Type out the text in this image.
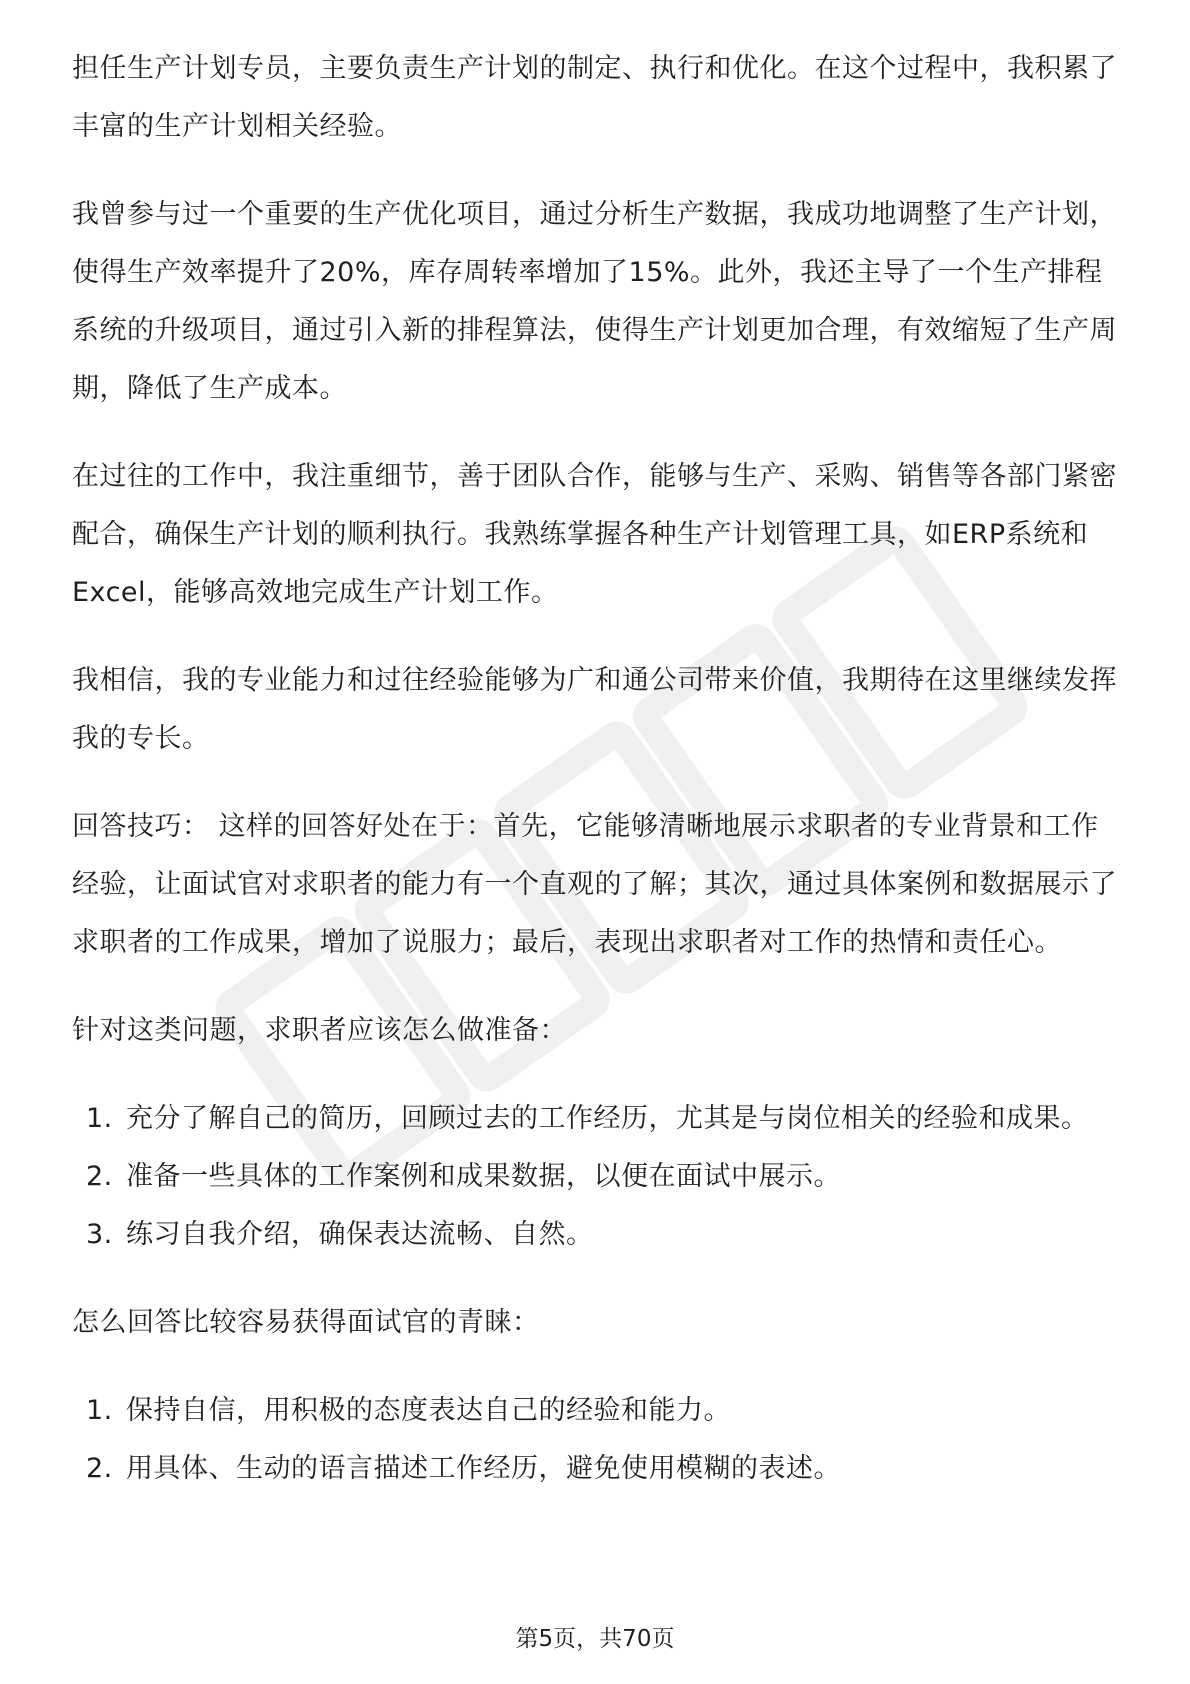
担任生产计划专员，主要负责生产计划的制定、执行和优化。在这个过程中，我积累了丰富的生产计划相关经验。

我曾参与过一个重要的生产优化项目，通过分析生产数据，我成功地调整了生产计划，使得生产效率提升了20%，库存周转率增加了15%。此外，我还主导了一个生产排程系统的升级项目，通过引入新的排程算法，使得生产计划更加合理，有效缩短了生产周期，降低了生产成本。

在过往的工作中，我注重细节，善于团队合作，能够与生产、采购、销售等各部门紧密配合，确保生产计划的顺利执行。我熟练掌握各种生产计划管理工具，如ERP系统和Excel，能够高效地完成生产计划工作。

我相信，我的专业能力和过往经验能够为广和通公司带来价值，我期待在这里继续发挥我的专长。

回答技巧： 这样的回答好处在于：首先，它能够清晰地展示求职者的专业背景和工作经验，让面试官对求职者的能力有一个直观的了解；其次，通过具体案例和数据展示了求职者的工作成果，增加了说服力；最后，表现出求职者对工作的热情和责任心。

针对这类问题，求职者应该怎么做准备：

1. 充分了解自己的简历，回顾过去的工作经历，尤其是与岗位相关的经验和成果。
2. 准备一些具体的工作案例和成果数据，以便在面试中展示。
3. 练习自我介绍，确保表达流畅、自然。

怎么回答比较容易获得面试官的青睐：

1. 保持自信，用积极的态度表达自己的经验和能力。
2. 用具体、生动的语言描述工作经历，避免使用模糊的表述。
第5页，共70页
